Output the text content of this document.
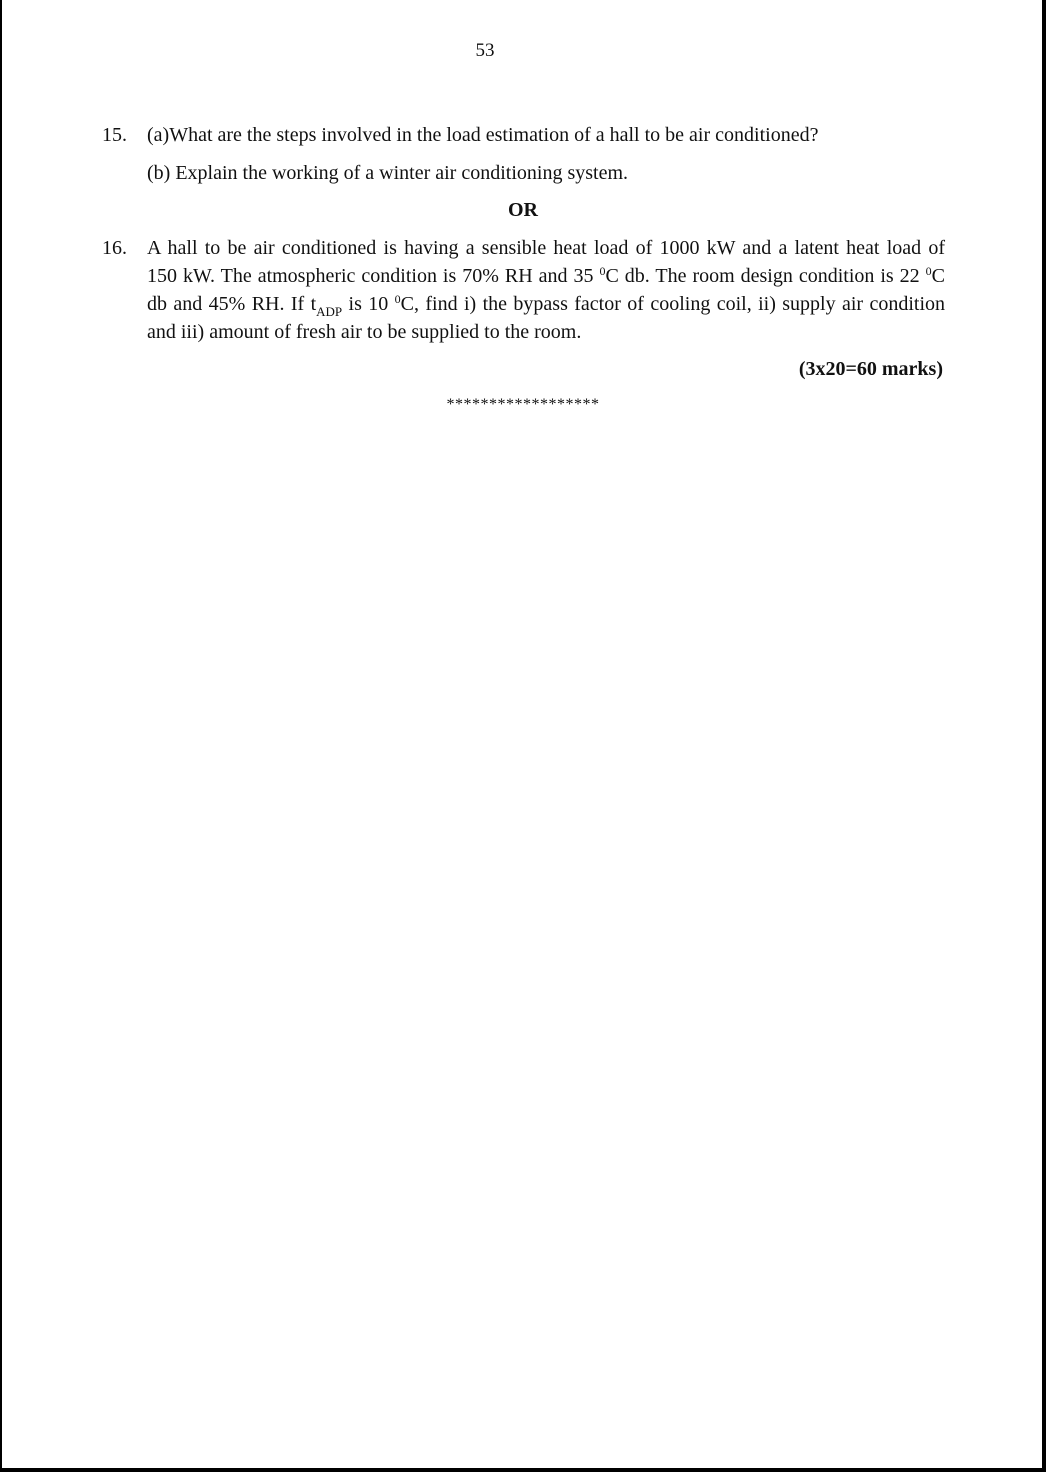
53
15. (a)What are the steps involved in the load estimation of a hall to be air conditioned?
(b) Explain the working of a winter air conditioning system.
OR
16. A hall to be air conditioned is having a sensible heat load of 1000 kW and a latent heat load of
150 kW. The atmospheric condition is 70% RH and 35 $^0$C db. The room design condition is 22 $^0$C
db and 45% RH. If $t_{ADP}$ is 10 $^0$C, find i) the bypass factor of cooling coil, ii) supply air condition
and iii) amount of fresh air to be supplied to the room.
(3x20=60 marks)
******************
